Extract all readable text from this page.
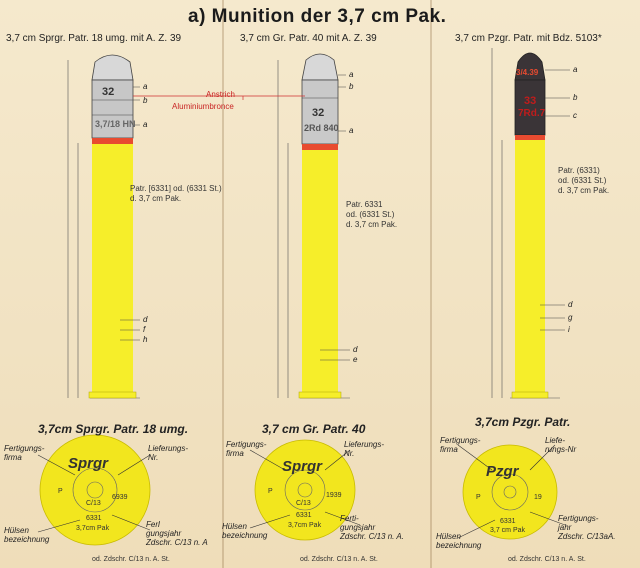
a) Munition der 3,7 cm Pak.
3,7 cm Sprgr. Patr. 18 umg. mit A. Z. 39	3,7 cm Gr. Patr. 40 mit A. Z. 39	3,7 cm Pzgr. Patr. mit Bdz. 5103*
32
3,7/18 HN
32
2Rd 840
3/4.39
33
7Rd.7
a
b
a
a
b
a
a
b
c
d
f
h
d
e
d
g
i
Anstrich
Aluminiumbronce
Patr. [6331] od. (6331 St.)
d. 3,7 cm Pak.
Patr. 6331
od. (6331 St.)
d. 3,7 cm Pak.
Patr. (6331)
od. (6331 St.)
d. 3,7 cm Pak.
3,7cm Sprgr. Patr. 18 umg.	3,7 cm Gr. Patr. 40	3,7cm Pzgr. Patr.
Sprgr
P
6939
C/13
6331
3,7cm Pak
Sprgr
P
1939
C/13
6331
3,7cm Pak
Pzgr
P	19
6331
3,7 cm Pak
Fertigungs-
firma
Lieferungs-
Nr.
Hülsen
bezeichnung
Ferl
gungsjahr
Zdschr. C/13 n. A
od. Zdschr. C/13 n. A. St.
Fertigungs-
firma
Lieferungs-
Nr.
Hülsen
bezeichnung
Ferti-
gungsjahr
Zdschr. C/13 n. A.
od. Zdschr. C/13 n. A. St.
Fertigungs-
firma
Liefe-
rungs-Nr
Hülsen
bezeichnung
Fertigungs-
jahr
Zdschr. C/13aA.
od. Zdschr. C/13 n. A. St.
